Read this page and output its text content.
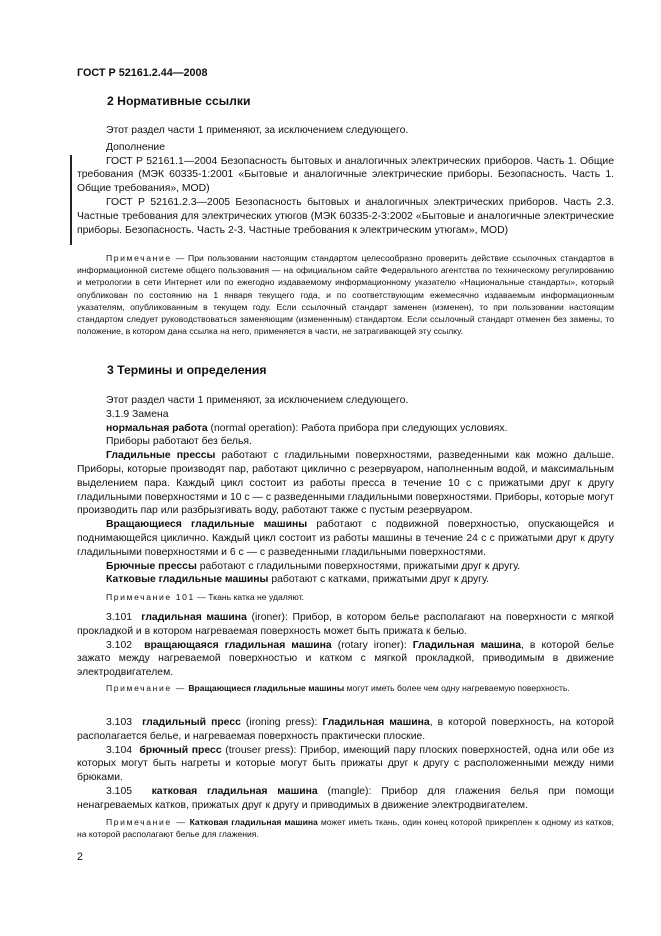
ГОСТ Р 52161.2.44—2008
2 Нормативные ссылки

Этот раздел части 1 применяют, за исключением следующего.

Дополнение

ГОСТ Р 52161.1—2004 Безопасность бытовых и аналогичных электрических приборов. Часть 1. Общие требования (МЭК 60335-1:2001 «Бытовые и аналогичные электрические приборы. Безопасность. Часть 1. Общие требования», MOD)

ГОСТ Р 52161.2.3—2005 Безопасность бытовых и аналогичных электрических приборов. Часть 2.3. Частные требования для электрических утюгов (МЭК 60335-2-3:2002 «Бытовые и аналогичные электрические приборы. Безопасность. Часть 2-3. Частные требования к электрическим утюгам», MOD)

Примечание — При пользовании настоящим стандартом целесообразно проверить действие ссылочных стандартов в информационной системе общего пользования — на официальном сайте Федерального агентства по техническому регулированию и метрологии в сети Интернет или по ежегодно издаваемому информационному указателю «Национальные стандарты», который опубликован по состоянию на 1 января текущего года, и по соответствующим ежемесячно издаваемым информационным указателям, опубликованным в текущем году. Если ссылочный стандарт заменен (изменен), то при пользовании настоящим стандартом следует руководствоваться заменяющим (измененным) стандартом. Если ссылочный стандарт отменен без замены, то положение, в котором дана ссылка на него, применяется в части, не затрагивающей эту ссылку.

3 Термины и определения

Этот раздел части 1 применяют, за исключением следующего.

3.1.9 Замена

нормальная работа (normal operation): Работа прибора при следующих условиях.

Приборы работают без белья.

Гладильные прессы работают с гладильными поверхностями, разведенными как можно дальше. Приборы, которые производят пар, работают циклично с резервуаром, наполненным водой, и максимальным выделением пара. Каждый цикл состоит из работы пресса в течение 10 с с прижатыми друг к другу гладильными поверхностями и 10 с — с разведенными гладильными поверхностями. Приборы, которые могут производить пар или разбрызгивать воду, работают также с пустым резервуаром.

Вращающиеся гладильные машины работают с подвижной поверхностью, опускающейся и поднимающейся циклично. Каждый цикл состоит из работы машины в течение 24 с с прижатыми друг к другу гладильными поверхностями и 6 с — с разведенными гладильными поверхностями.

Брючные прессы работают с гладильными поверхностями, прижатыми друг к другу.

Катковые гладильные машины работают с катками, прижатыми друг к другу.

Примечание 101 — Ткань катка не удаляют.

3.101 гладильная машина (ironer): Прибор, в котором белье располагают на поверхности с мягкой прокладкой и в котором нагреваемая поверхность может быть прижата к белью.

3.102 вращающаяся гладильная машина (rotary ironer): Гладильная машина, в которой белье зажато между нагреваемой поверхностью и катком с мягкой прокладкой, приводимым в движение электродвигателем.

Примечание — Вращающиеся гладильные машины могут иметь более чем одну нагреваемую поверхность.

3.103 гладильный пресс (ironing press): Гладильная машина, в которой поверхность, на которой располагается белье, и нагреваемая поверхность практически плоские.

3.104 брючный пресс (trouser press): Прибор, имеющий пару плоских поверхностей, одна или обе из которых могут быть нагреты и которые могут быть прижаты друг к другу с расположенными между ними брюками.

3.105 катковая гладильная машина (mangle): Прибор для глажения белья при помощи ненагреваемых катков, прижатых друг к другу и приводимых в движение электродвигателем.

Примечание — Катковая гладильная машина может иметь ткань, один конец которой прикреплен к одному из катков, на которой располагают белье для глажения.

2
